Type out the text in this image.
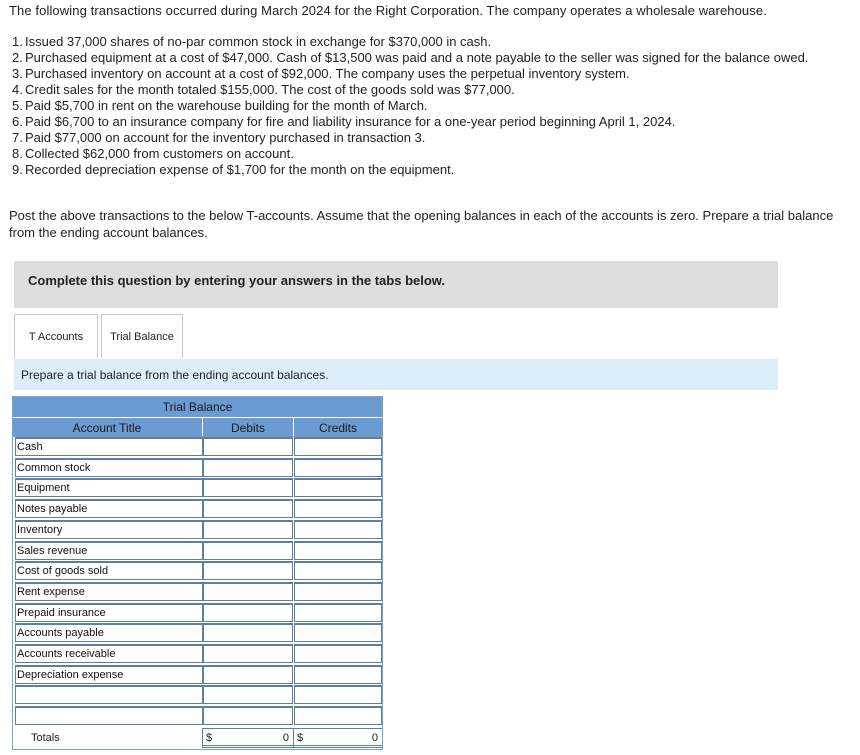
The following transactions occurred during March 2024 for the Right Corporation. The company operates a wholesale warehouse.
1. Issued 37,000 shares of no-par common stock in exchange for $370,000 in cash.
2. Purchased equipment at a cost of $47,000. Cash of $13,500 was paid and a note payable to the seller was signed for the balance owed.
3. Purchased inventory on account at a cost of $92,000. The company uses the perpetual inventory system.
4. Credit sales for the month totaled $155,000. The cost of the goods sold was $77,000.
5. Paid $5,700 in rent on the warehouse building for the month of March.
6. Paid $6,700 to an insurance company for fire and liability insurance for a one-year period beginning April 1, 2024.
7. Paid $77,000 on account for the inventory purchased in transaction 3.
8. Collected $62,000 from customers on account.
9. Recorded depreciation expense of $1,700 for the month on the equipment.
Post the above transactions to the below T-accounts. Assume that the opening balances in each of the accounts is zero. Prepare a trial balance from the ending account balances.
Complete this question by entering your answers in the tabs below.
T Accounts	Trial Balance
Prepare a trial balance from the ending account balances.
Trial Balance
Account Title	Debits	Credits
Cash
Common stock
Equipment
Notes payable
Inventory
Sales revenue
Cost of goods sold
Rent expense
Prepaid insurance
Accounts payable
Accounts receivable
Depreciation expense
Totals	$	0 $	0
